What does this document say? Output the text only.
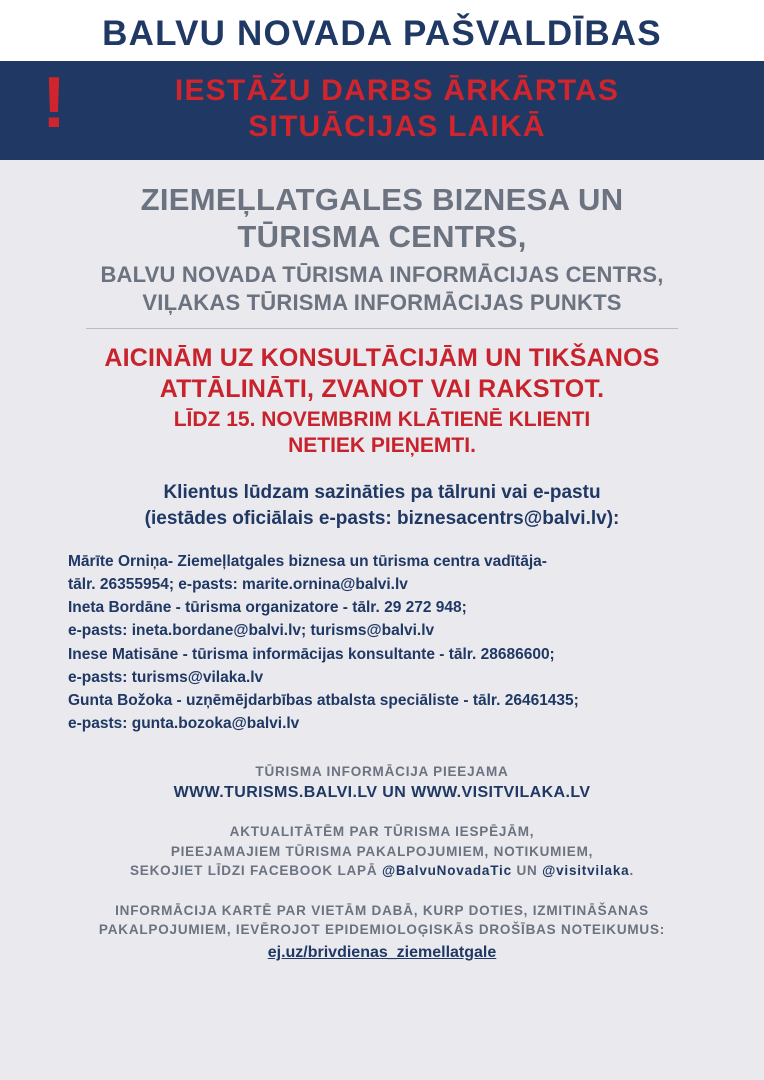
BALVU NOVADA PAŠVALDĪBAS
!	IESTĀŽU DARBS ĀRKĀRTAS
SITUĀCIJAS LAIKĀ
ZIEMEĻLATGALES BIZNESA UN
TŪRISMA CENTRS,
BALVU NOVADA TŪRISMA INFORMĀCIJAS CENTRS,
VIĻAKAS TŪRISMA INFORMĀCIJAS PUNKTS
AICINĀM UZ KONSULTĀCIJĀM UN TIKŠANOS
ATTĀLINĀTI, ZVANOT VAI RAKSTOT.
LĪDZ 15. NOVEMBRIM KLĀTIENĒ KLIENTI
NETIEK PIEŅEMTI.
Klientus lūdzam sazināties pa tālruni vai e-pastu
(iestādes oficiālais e-pasts: biznesacentrs@balvi.lv):
Mārīte Orniņa- Ziemeļlatgales biznesa un tūrisma centra vadītāja-
tālr. 26355954; e-pasts: marite.ornina@balvi.lv
Ineta Bordāne - tūrisma organizatore - tālr. 29 272 948;
e-pasts: ineta.bordane@balvi.lv; turisms@balvi.lv
Inese Matisāne - tūrisma informācijas konsultante - tālr. 28686600;
e-pasts: turisms@vilaka.lv
Gunta Božoka - uzņēmējdarbības atbalsta speciāliste - tālr. 26461435;
e-pasts: gunta.bozoka@balvi.lv
TŪRISMA INFORMĀCIJA PIEEJAMA
WWW.TURISMS.BALVI.LV UN WWW.VISITVILAKA.LV
AKTUALITĀTĒM PAR TŪRISMA IESPĒJĀM,
PIEEJAMAJIEM TŪRISMA PAKALPOJUMIEM, NOTIKUMIEM,
SEKOJIET LĪDZI FACEBOOK LAPĀ @BalvuNovadaTic UN @visitvilaka.
INFORMĀCIJA KARTĒ PAR VIETĀM DABĀ, KURP DOTIES, IZMITINĀŠANAS
PAKALPOJUMIEM, IEVĒROJOT EPIDEMIOLOĢISKĀS DROŠĪBAS NOTEIKUMUS:
ej.uz/brivdienas_ziemellatgale
